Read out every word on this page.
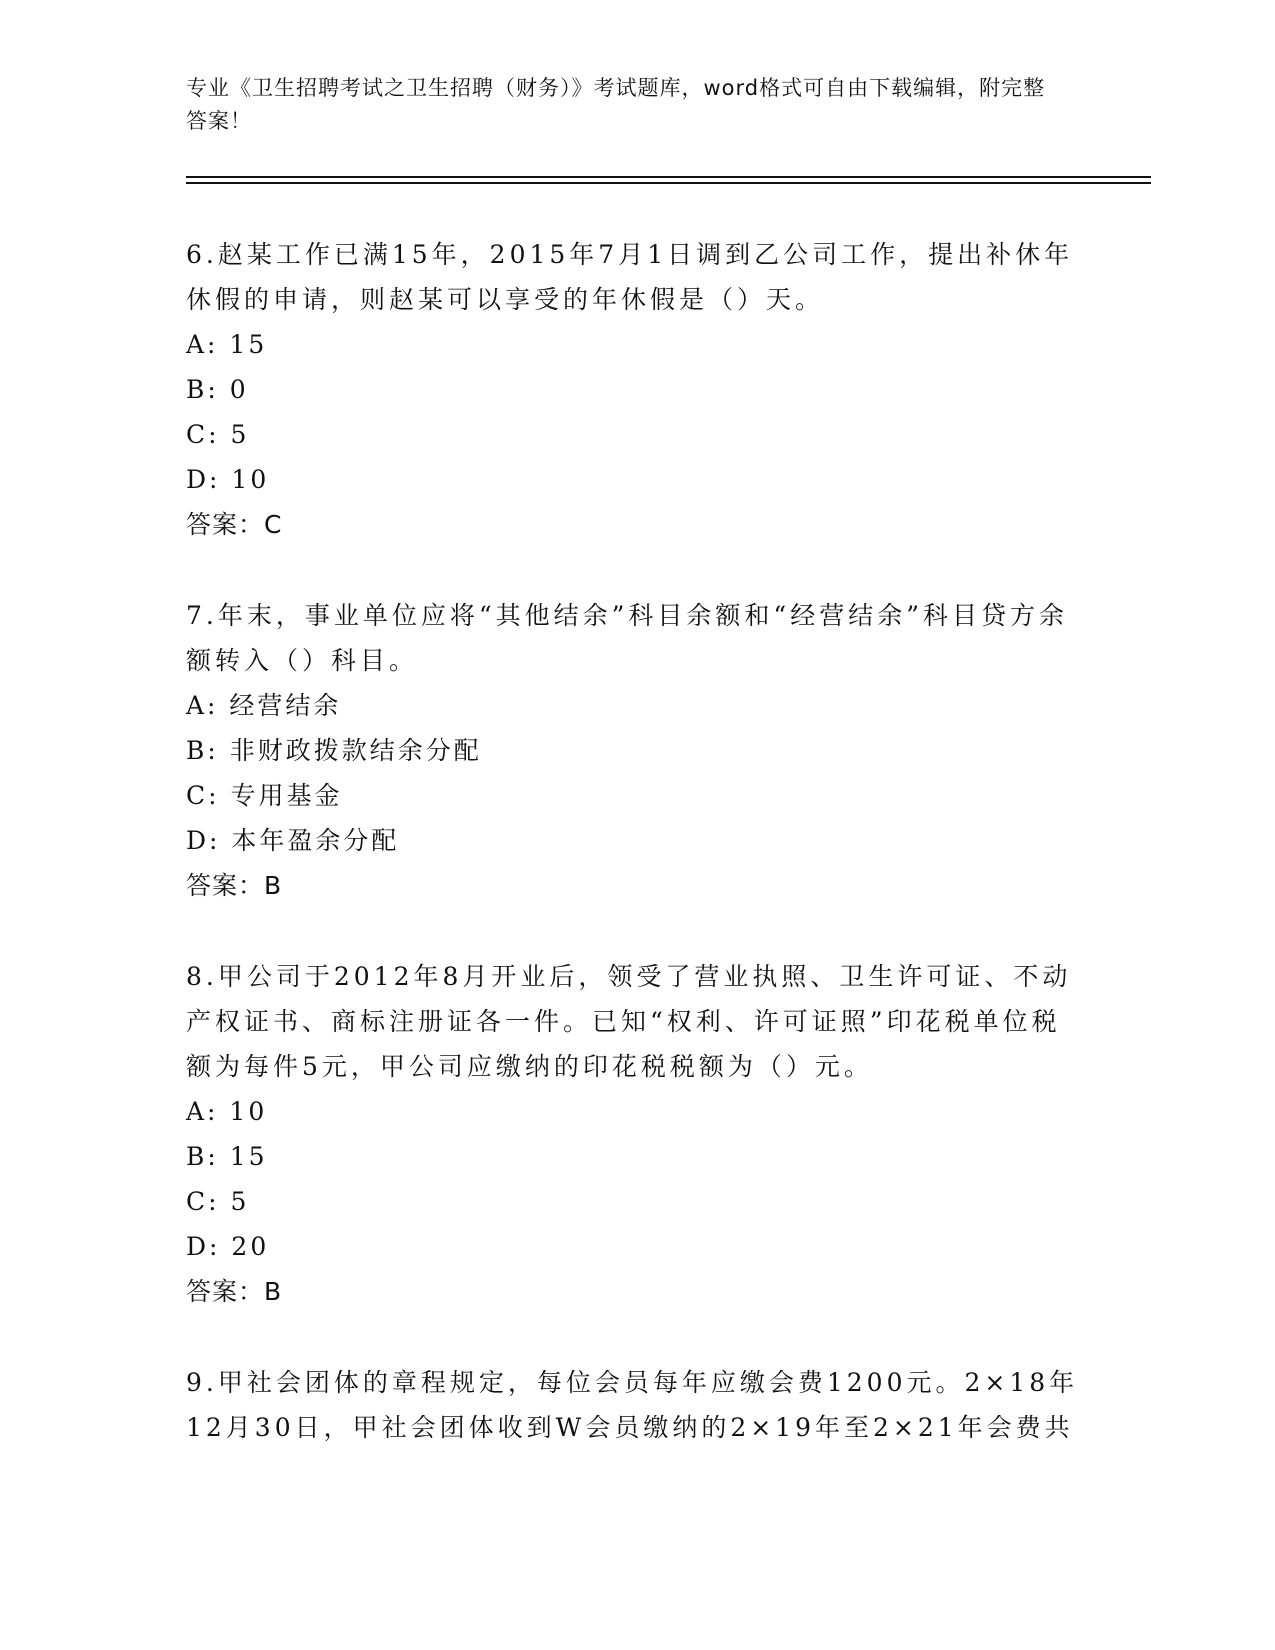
专业《卫生招聘考试之卫生招聘（财务）》考试题库，word格式可自由下载编辑，附完整答案！

6.赵某工作已满15年，2015年7月1日调到乙公司工作，提出补休年休假的申请，则赵某可以享受的年休假是（）天。

A: 15

B: 0

C: 5

D: 10

答案：C

7.年末，事业单位应将“其他结余”科目余额和“经营结余”科目贷方余额转入（）科目。

A: 经营结余

B: 非财政拨款结余分配

C: 专用基金

D: 本年盈余分配

答案：B

8.甲公司于2012年8月开业后，领受了营业执照、卫生许可证、不动产权证书、商标注册证各一件。已知“权利、许可证照”印花税单位税额为每件5元，甲公司应缴纳的印花税税额为（）元。

A: 10

B: 15

C: 5

D: 20

答案：B

9.甲社会团体的章程规定，每位会员每年应缴会费1200元。2×18年12月30日，甲社会团体收到W会员缴纳的2×19年至2×21年会费共
